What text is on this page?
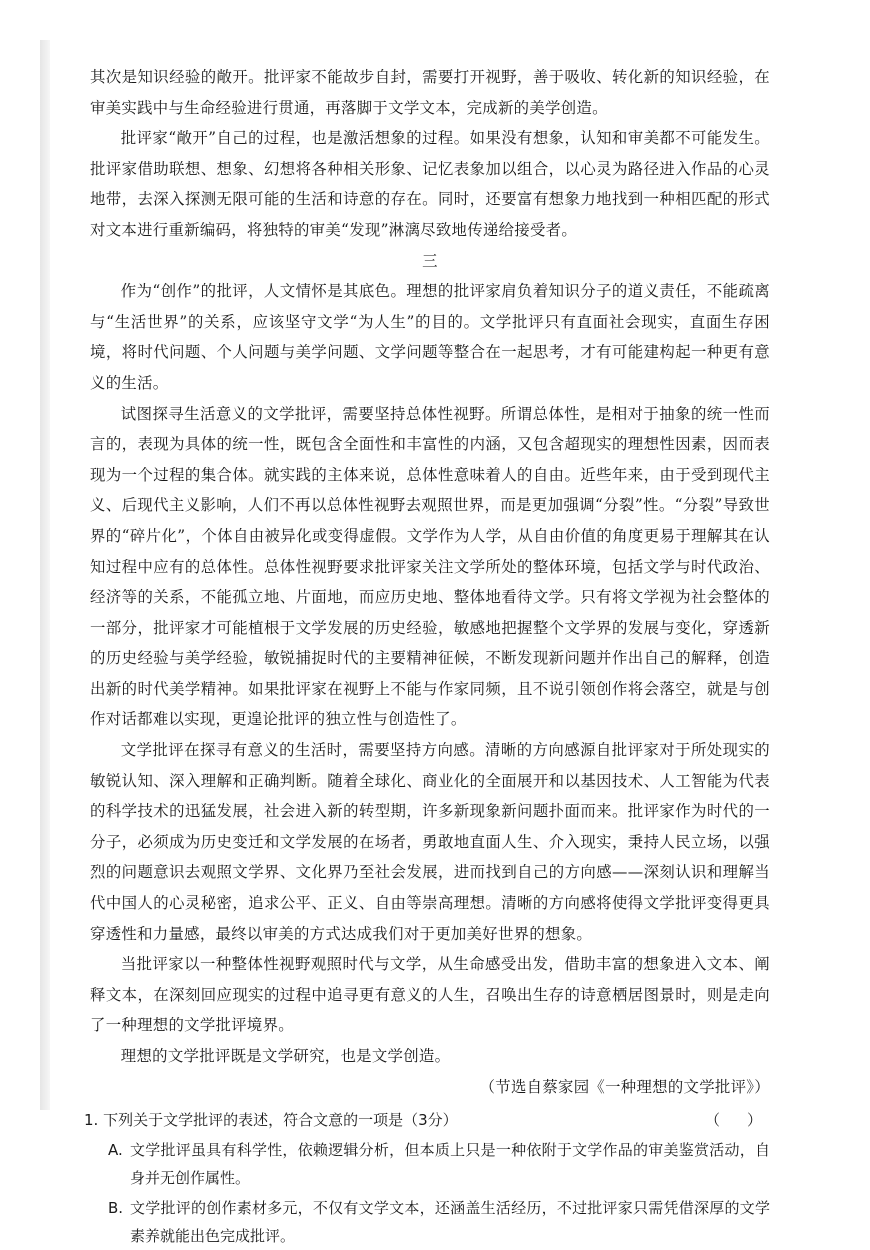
其次是知识经验的敞开。批评家不能故步自封，需要打开视野，善于吸收、转化新的知识经验，在审美实践中与生命经验进行贯通，再落脚于文学文本，完成新的美学创造。

批评家“敞开”自己的过程，也是激活想象的过程。如果没有想象，认知和审美都不可能发生。批评家借助联想、想象、幻想将各种相关形象、记忆表象加以组合，以心灵为路径进入作品的心灵地带，去深入探测无限可能的生活和诗意的存在。同时，还要富有想象力地找到一种相匹配的形式对文本进行重新编码，将独特的审美“发现”淋漓尽致地传递给接受者。

三

作为“创作”的批评，人文情怀是其底色。理想的批评家肩负着知识分子的道义责任，不能疏离与“生活世界”的关系，应该坚守文学“为人生”的目的。文学批评只有直面社会现实，直面生存困境，将时代问题、个人问题与美学问题、文学问题等整合在一起思考，才有可能建构起一种更有意义的生活。

试图探寻生活意义的文学批评，需要坚持总体性视野。所谓总体性，是相对于抽象的统一性而言的，表现为具体的统一性，既包含全面性和丰富性的内涵，又包含超现实的理想性因素，因而表现为一个过程的集合体。就实践的主体来说，总体性意味着人的自由。近些年来，由于受到现代主义、后现代主义影响，人们不再以总体性视野去观照世界，而是更加强调“分裂”性。“分裂”导致世界的“碎片化”，个体自由被异化或变得虚假。文学作为人学，从自由价值的角度更易于理解其在认知过程中应有的总体性。总体性视野要求批评家关注文学所处的整体环境，包括文学与时代政治、经济等的关系，不能孤立地、片面地，而应历史地、整体地看待文学。只有将文学视为社会整体的一部分，批评家才可能植根于文学发展的历史经验，敏感地把握整个文学界的发展与变化，穿透新的历史经验与美学经验，敏锐捕捉时代的主要精神征候，不断发现新问题并作出自己的解释，创造出新的时代美学精神。如果批评家在视野上不能与作家同频，且不说引领创作将会落空，就是与创作对话都难以实现，更遑论批评的独立性与创造性了。

文学批评在探寻有意义的生活时，需要坚持方向感。清晰的方向感源自批评家对于所处现实的敏锐认知、深入理解和正确判断。随着全球化、商业化的全面展开和以基因技术、人工智能为代表的科学技术的迅猛发展，社会进入新的转型期，许多新现象新问题扑面而来。批评家作为时代的一分子，必须成为历史变迁和文学发展的在场者，勇敢地直面人生、介入现实，秉持人民立场，以强烈的问题意识去观照文学界、文化界乃至社会发展，进而找到自己的方向感——深刻认识和理解当代中国人的心灵秘密，追求公平、正义、自由等崇高理想。清晰的方向感将使得文学批评变得更具穿透性和力量感，最终以审美的方式达成我们对于更加美好世界的想象。

当批评家以一种整体性视野观照时代与文学，从生命感受出发，借助丰富的想象进入文本、阐释文本，在深刻回应现实的过程中追寻更有意义的人生，召唤出生存的诗意栖居图景时，则是走向了一种理想的文学批评境界。

理想的文学批评既是文学研究，也是文学创造。

（节选自蔡家园《一种理想的文学批评》）

1. 下列关于文学批评的表述，符合文意的一项是（3分）	（　）
A. 文学批评虽具有科学性，依赖逻辑分析，但本质上只是一种依附于文学作品的审美鉴赏活动，自身并无创作属性。
B. 文学批评的创作素材多元，不仅有文学文本，还涵盖生活经历，不过批评家只需凭借深厚的文学素养就能出色完成批评。
